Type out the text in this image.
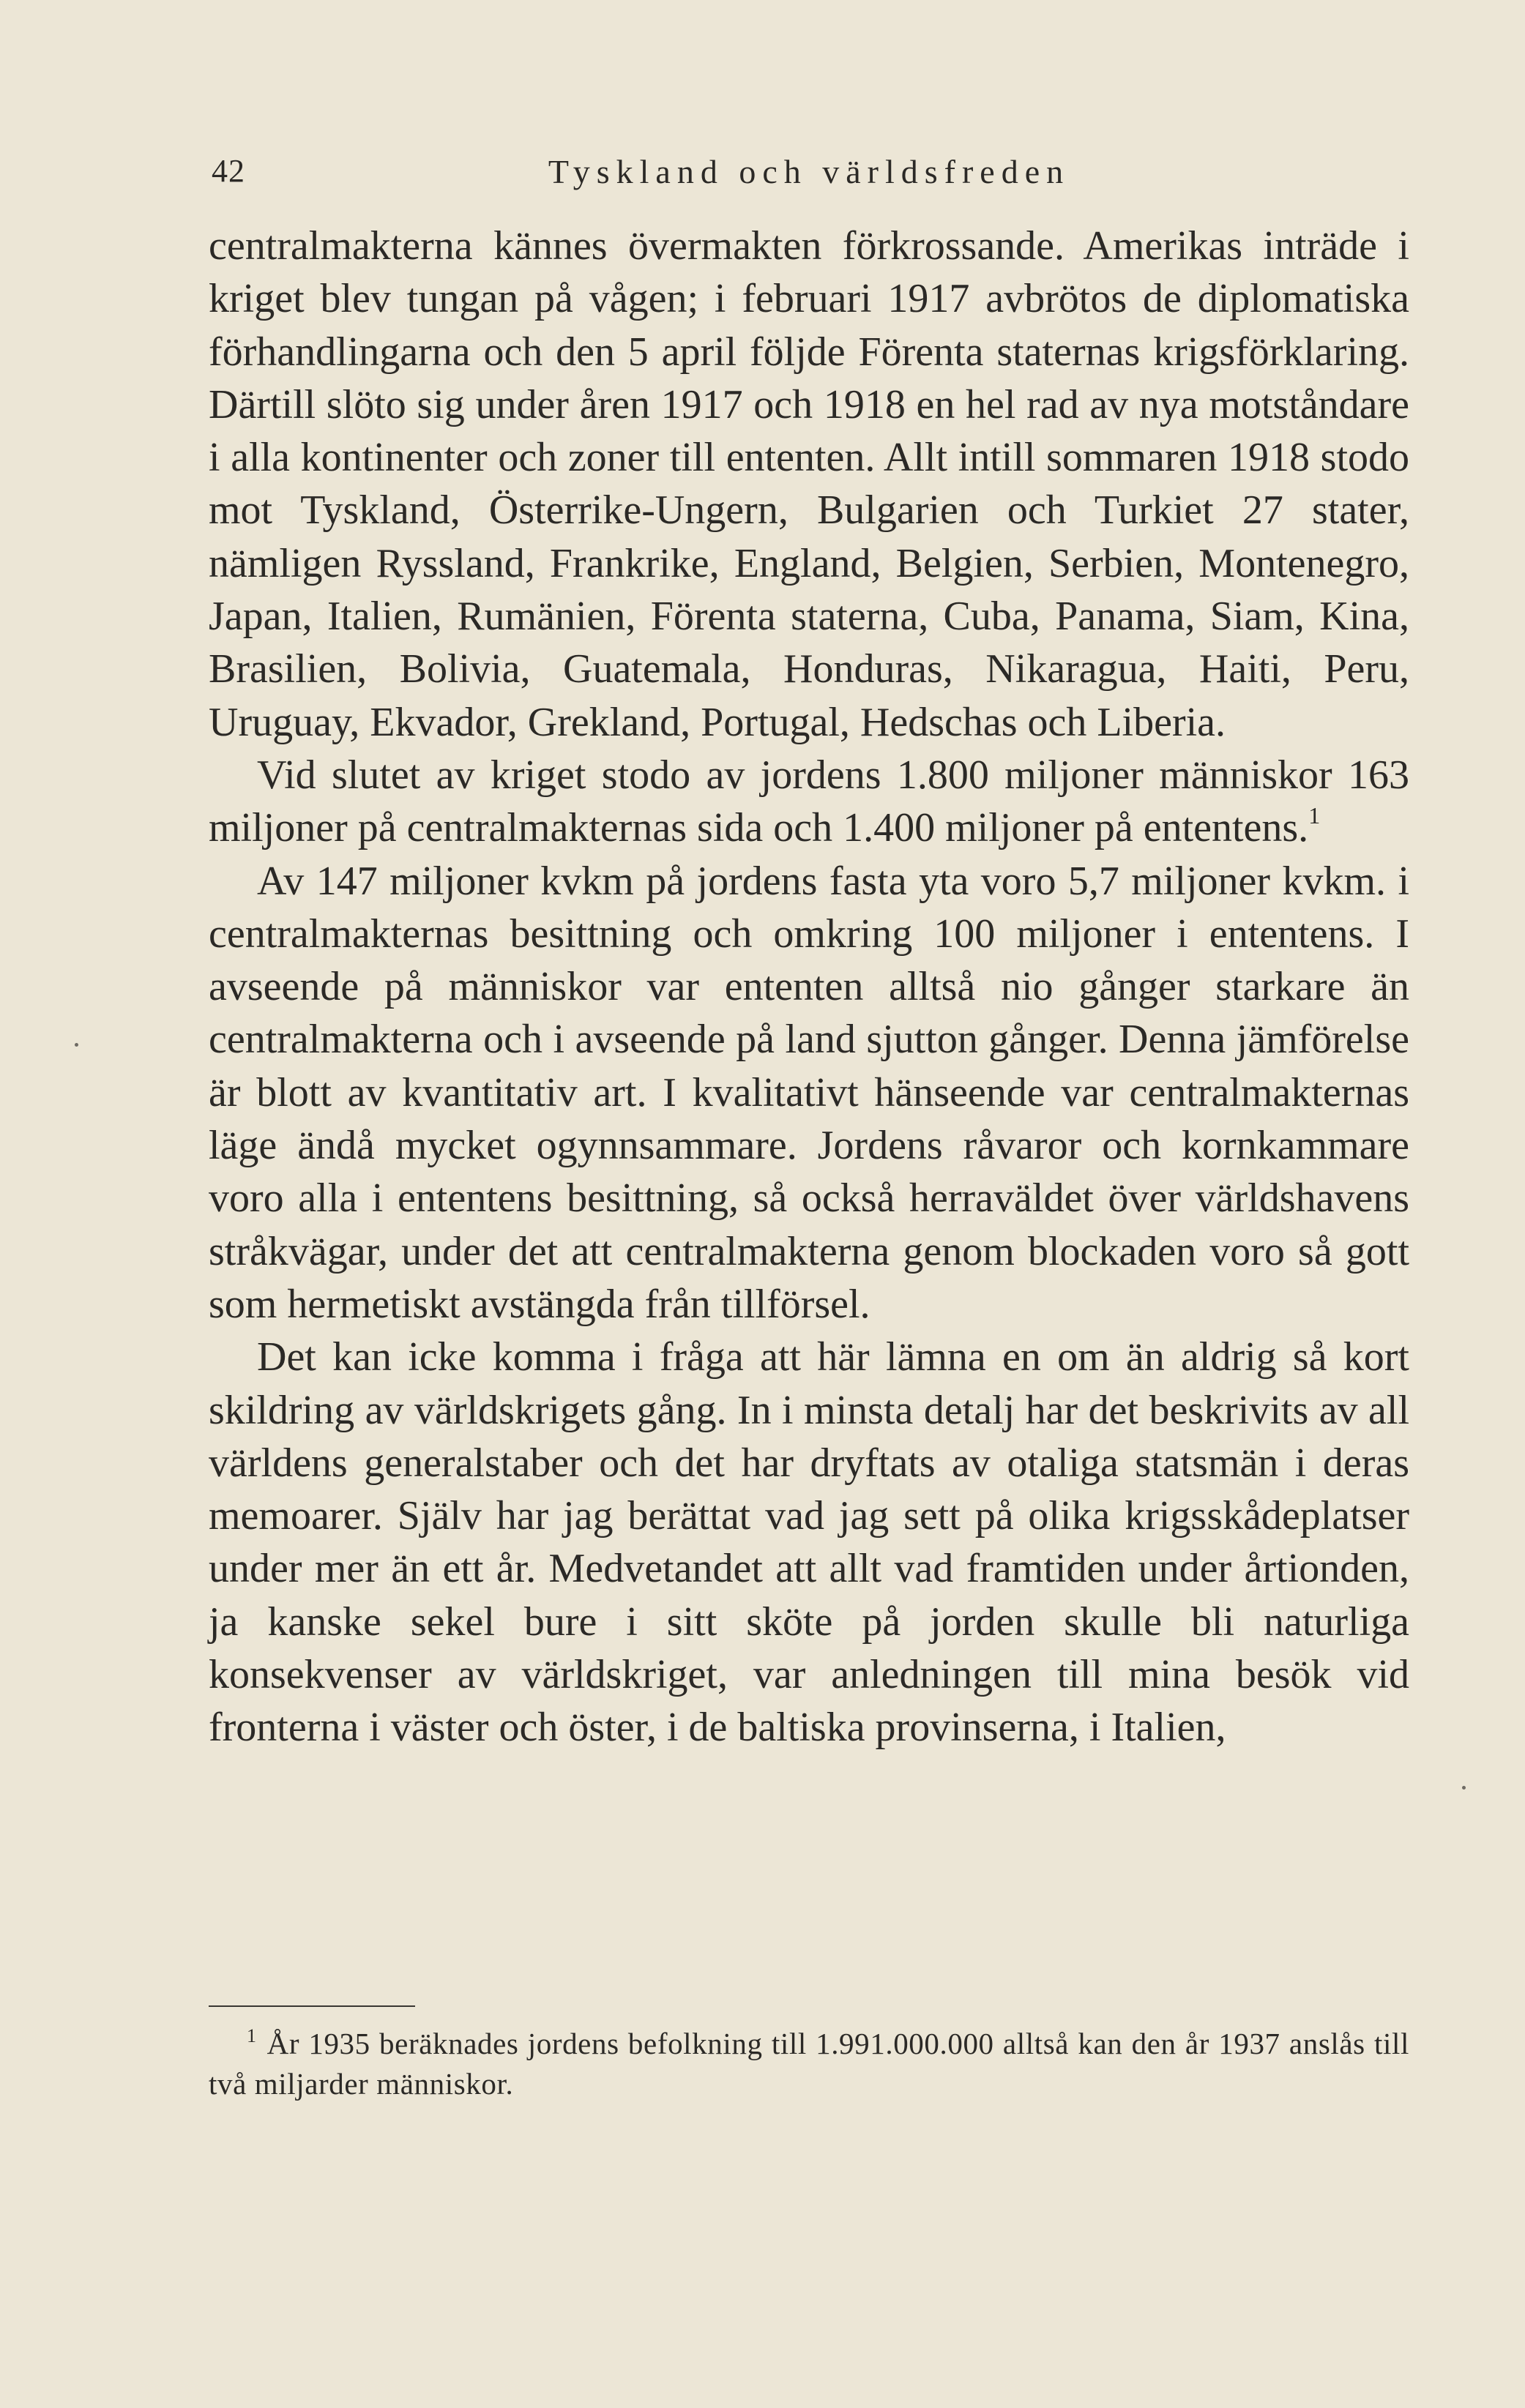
42	Tyskland och världsfreden

centralmakterna kännes övermakten förkrossande. Amerikas inträde i kriget blev tungan på vågen; i februari 1917 avbrötos de diplomatiska förhandlingarna och den 5 april följde Förenta staternas krigsförklaring. Därtill slöto sig under åren 1917 och 1918 en hel rad av nya motståndare i alla kontinenter och zoner till ententen. Allt intill sommaren 1918 stodo mot Tyskland, Österrike-Ungern, Bulgarien och Turkiet 27 stater, nämligen Ryssland, Frankrike, England, Belgien, Serbien, Montenegro, Japan, Italien, Rumänien, Förenta staterna, Cuba, Panama, Siam, Kina, Brasilien, Bolivia, Guatemala, Honduras, Nikaragua, Haiti, Peru, Uruguay, Ekvador, Grekland, Portugal, Hedschas och Liberia.

Vid slutet av kriget stodo av jordens 1.800 miljoner människor 163 miljoner på centralmakternas sida och 1.400 miljoner på ententens.$^1$

Av 147 miljoner kvkm på jordens fasta yta voro 5,7 miljoner kvkm. i centralmakternas besittning och omkring 100 miljoner i ententens. I avseende på människor var ententen alltså nio gånger starkare än centralmakterna och i avseende på land sjutton gånger. Denna jämförelse är blott av kvantitativ art. I kvalitativt hänseende var centralmakternas läge ändå mycket ogynnsammare. Jordens råvaror och kornkammare voro alla i ententens besittning, så också herraväldet över världshavens stråkvägar, under det att centralmakterna genom blockaden voro så gott som hermetiskt avstängda från tillförsel.

Det kan icke komma i fråga att här lämna en om än aldrig så kort skildring av världskrigets gång. In i minsta detalj har det beskrivits av all världens generalstaber och det har dryftats av otaliga statsmän i deras memoarer. Själv har jag berättat vad jag sett på olika krigsskådeplatser under mer än ett år. Medvetandet att allt vad framtiden under årtionden, ja kanske sekel bure i sitt sköte på jorden skulle bli naturliga konsekvenser av världskriget, var anledningen till mina besök vid fronterna i väster och öster, i de baltiska provinserna, i Italien,

$^1$ År 1935 beräknades jordens befolkning till 1.991.000.000 alltså kan den år 1937 anslås till två miljarder människor.
